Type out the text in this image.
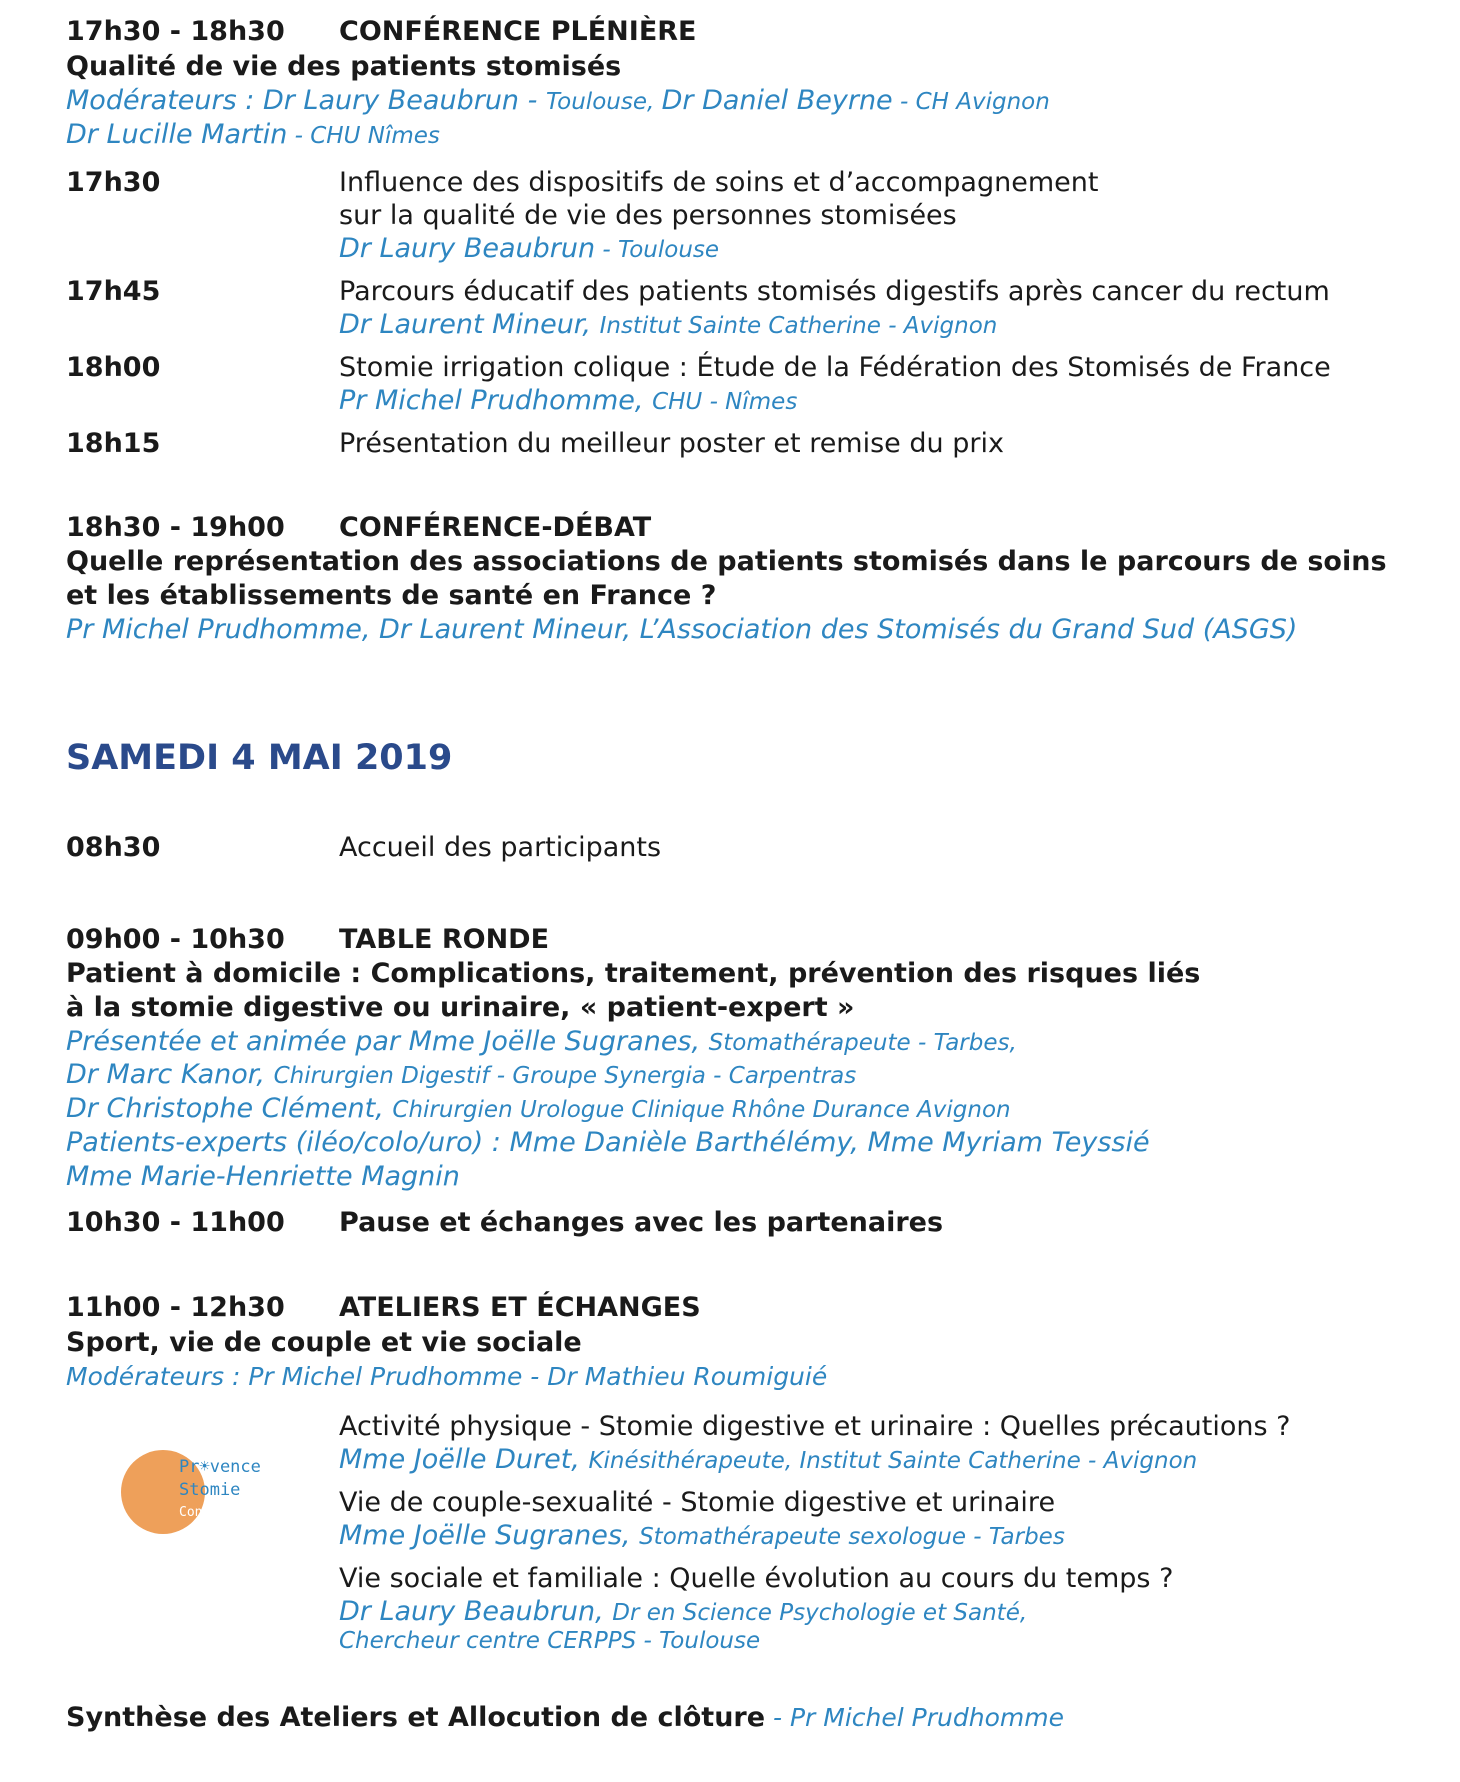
17h30 - 18h30 CONFÉRENCE PLÉNIÈRE
Qualité de vie des patients stomisés
Modérateurs : Dr Laury Beaubrun - Toulouse, Dr Daniel Beyrne - CH Avignon
Dr Lucille Martin - CHU Nîmes
17h30	Influence des dispositifs de soins et d’accompagnement
sur la qualité de vie des personnes stomisées
Dr Laury Beaubrun - Toulouse
17h45	Parcours éducatif des patients stomisés digestifs après cancer du rectum
Dr Laurent Mineur, Institut Sainte Catherine - Avignon
18h00	Stomie irrigation colique : Étude de la Fédération des Stomisés de France
Pr Michel Prudhomme, CHU - Nîmes
18h15	Présentation du meilleur poster et remise du prix
18h30 - 19h00 CONFÉRENCE-DÉBAT
Quelle représentation des associations de patients stomisés dans le parcours de soins
et les établissements de santé en France ?
Pr Michel Prudhomme, Dr Laurent Mineur, L’Association des Stomisés du Grand Sud (ASGS)
SAMEDI 4 MAI 2019
08h30	Accueil des participants
09h00 - 10h30 TABLE RONDE
Patient à domicile : Complications, traitement, prévention des risques liés
à la stomie digestive ou urinaire, « patient-expert »
Présentée et animée par Mme Joëlle Sugranes, Stomathérapeute - Tarbes,
Dr Marc Kanor, Chirurgien Digestif - Groupe Synergia - Carpentras
Dr Christophe Clément, Chirurgien Urologue Clinique Rhône Durance Avignon
Patients-experts (iléo/colo/uro) : Mme Danièle Barthélémy, Mme Myriam Teyssié
Mme Marie-Henriette Magnin
10h30 - 11h00 Pause et échanges avec les partenaires
11h00 - 12h30 ATELIERS ET ÉCHANGES
Sport, vie de couple et vie sociale
Modérateurs : Pr Michel Prudhomme - Dr Mathieu Roumiguié
Activité physique - Stomie digestive et urinaire : Quelles précautions ?
Mme Joëlle Duret, Kinésithérapeute, Institut Sainte Catherine - Avignon
Vie de couple-sexualité - Stomie digestive et urinaire
Mme Joëlle Sugranes, Stomathérapeute sexologue - Tarbes
Vie sociale et familiale : Quelle évolution au cours du temps ?
Dr Laury Beaubrun, Dr en Science Psychologie et Santé,
Chercheur centre CERPPS - Toulouse
Pr☀vence
Stomie
Contact
Synthèse des Ateliers et Allocution de clôture - Pr Michel Prudhomme
